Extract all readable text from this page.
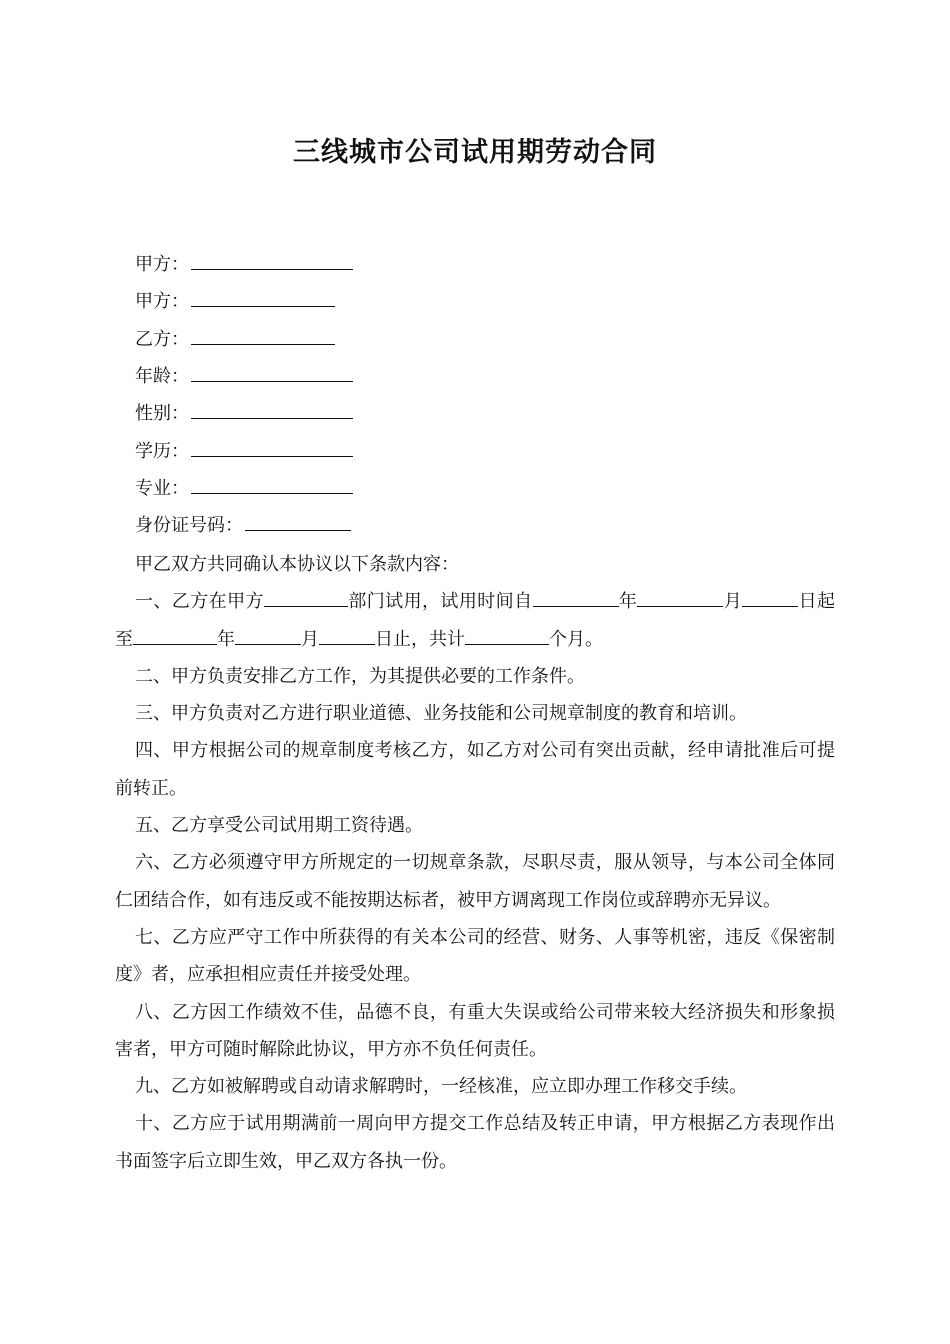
三线城市公司试用期劳动合同
甲方：
甲方：
乙方：
年龄：
性别：
学历：
专业：
身份证号码：

甲乙双方共同确认本协议以下条款内容：

一、乙方在甲方	部门试用，试用时间自	年	月	日起至	年	月	日止，共计	个月。

二、甲方负责安排乙方工作，为其提供必要的工作条件。

三、甲方负责对乙方进行职业道德、业务技能和公司规章制度的教育和培训。

四、甲方根据公司的规章制度考核乙方，如乙方对公司有突出贡献，经申请批准后可提前转正。

五、乙方享受公司试用期工资待遇。

六、乙方必须遵守甲方所规定的一切规章条款，尽职尽责，服从领导，与本公司全体同仁团结合作，如有违反或不能按期达标者，被甲方调离现工作岗位或辞聘亦无异议。

七、乙方应严守工作中所获得的有关本公司的经营、财务、人事等机密，违反《保密制度》者，应承担相应责任并接受处理。

八、乙方因工作绩效不佳，品德不良，有重大失误或给公司带来较大经济损失和形象损害者，甲方可随时解除此协议，甲方亦不负任何责任。

九、乙方如被解聘或自动请求解聘时，一经核准，应立即办理工作移交手续。

十、乙方应于试用期满前一周向甲方提交工作总结及转正申请，甲方根据乙方表现作出书面签字后立即生效，甲乙双方各执一份。
